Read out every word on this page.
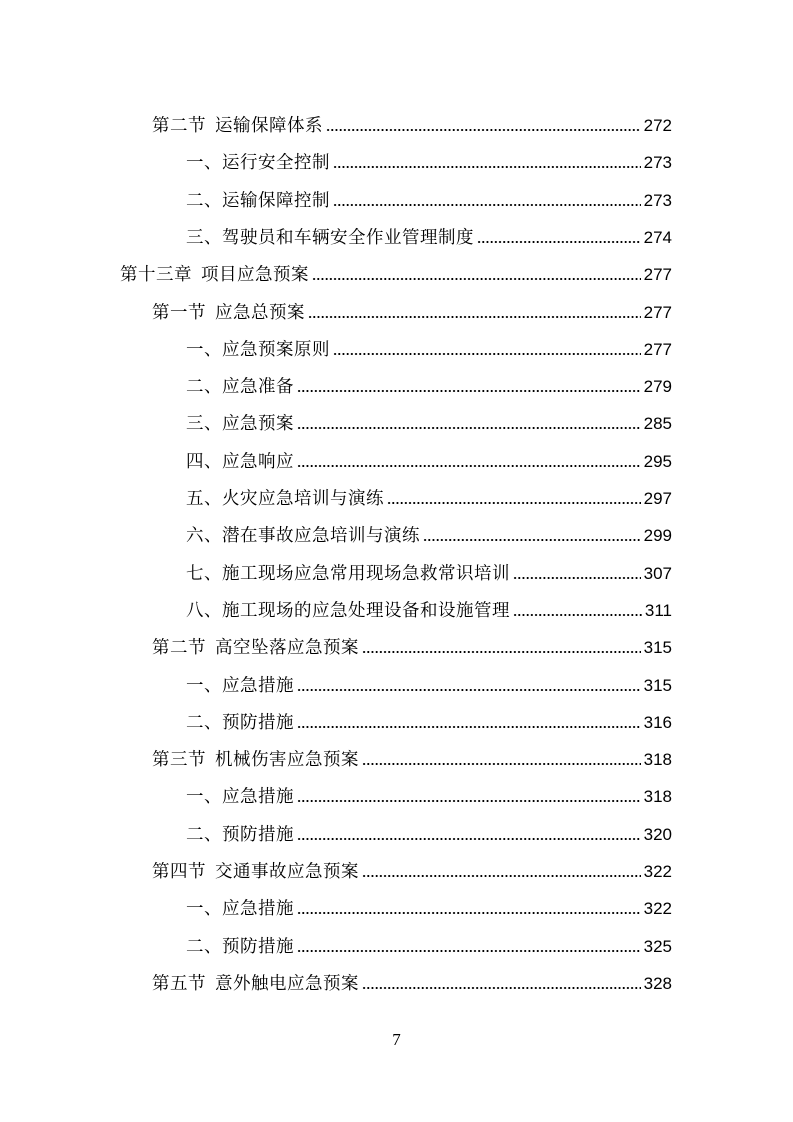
第二节 运输保障体系	272
一、运行安全控制	273
二、运输保障控制	273
三、驾驶员和车辆安全作业管理制度	274
第十三章 项目应急预案	277
第一节 应急总预案	277
一、应急预案原则	277
二、应急准备	279
三、应急预案	285
四、应急响应	295
五、火灾应急培训与演练	297
六、潜在事故应急培训与演练	299
七、施工现场应急常用现场急救常识培训	307
八、施工现场的应急处理设备和设施管理	311
第二节 高空坠落应急预案	315
一、应急措施	315
二、预防措施	316
第三节 机械伤害应急预案	318
一、应急措施	318
二、预防措施	320
第四节 交通事故应急预案	322
一、应急措施	322
二、预防措施	325
第五节 意外触电应急预案	328
7
